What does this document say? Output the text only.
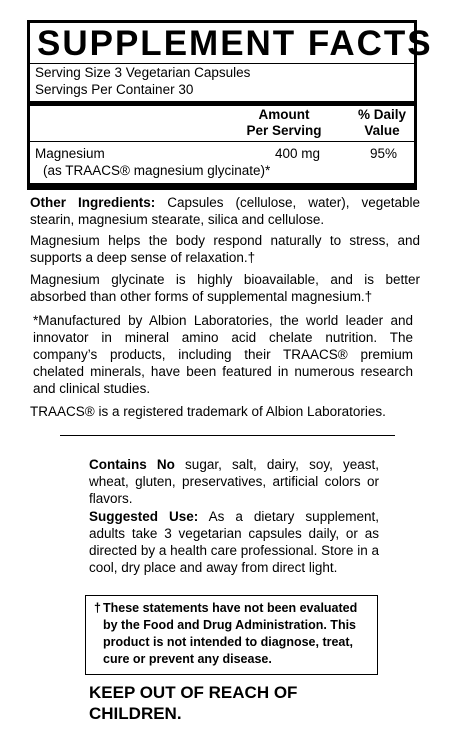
SUPPLEMENT FACTS
Serving Size 3 Vegetarian Capsules
Servings Per Container 30
Amount
Per Serving
% Daily
Value
Magnesium	400 mg	95%
(as TRAACS® magnesium glycinate)*

Other Ingredients: Capsules (cellulose, water), vegetable stearin, magnesium stearate, silica and cellulose.

Magnesium helps the body respond naturally to stress, and supports a deep sense of relaxation.†

Magnesium glycinate is highly bioavailable, and is better absorbed than other forms of supplemental magnesium.†

*Manufactured by Albion Laboratories, the world leader and innovator in mineral amino acid chelate nutrition. The company’s products, including their TRAACS® premium chelated minerals, have been featured in numerous research and clinical studies.

TRAACS® is a registered trademark of Albion Laboratories.

Contains No sugar, salt, dairy, soy, yeast, wheat, gluten, preservatives, artificial colors or flavors.

Suggested Use: As a dietary supplement, adults take 3 vegetarian capsules daily, or as directed by a health care professional. Store in a cool, dry place and away from direct light.

† These statements have not been evaluated by the Food and Drug Administration. This product is not intended to diagnose, treat, cure or prevent any disease.
KEEP OUT OF REACH OF CHILDREN.
